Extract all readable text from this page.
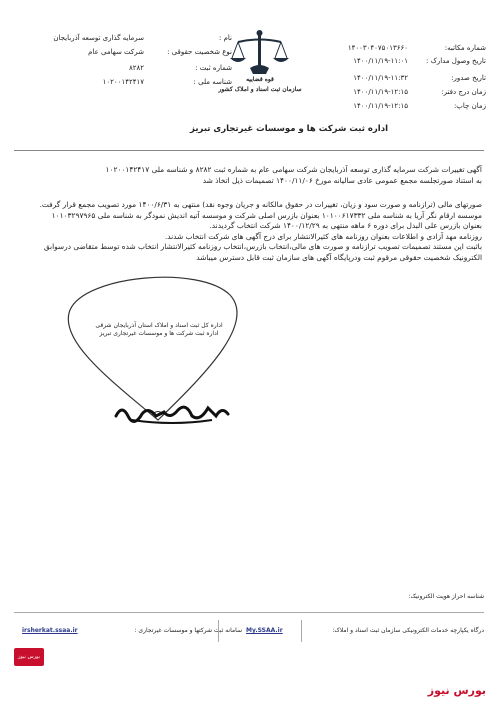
شماره مکاتبه:
تاریخ وصول مدارک :
تاریخ صدور:
زمان درج دفتر:
زمان چاپ:
۱۴۰۰۳۰۴۰۷۵۰۱۳۶۶۰
۱۴۰۰/۱۱/۱۹-۱۱:۰۱
۱۴۰۰/۱۱/۱۹-۱۱:۳۲
۱۴۰۰/۱۱/۱۹-۱۲:۱۵
۱۴۰۰/۱۱/۱۹-۱۲:۱۵
قوه قضاییه
سازمان ثبت اسناد و املاک کشور
نام :
نوع شخصیت حقوقی :
شماره ثبت :
شناسه ملی :
سرمایه گذاری توسعه آذربایجان
شرکت سهامی عام
۸۲۸۲
۱۰۲۰۰۱۴۲۴۱۷
اداره ثبت شرکت ها و موسسات غیرتجاری تبریز
آگهی تغییرات شرکت سرمایه گذاری توسعه آذربایجان شرکت سهامی عام به شماره ثبت ۸۲۸۲ و شناسه ملی ۱۰۲۰۰۱۴۲۴۱۷
به استناد صورتجلسه مجمع عمومی عادی سالیانه مورخ ۱۴۰۰/۱۱/۰۶ تصمیمات ذیل اتخاذ شد
صورتهای مالی (ترازنامه و صورت سود و زیان، تغییرات در حقوق مالکانه و جریان وجوه نقد) منتهی به ۱۴۰۰/۶/۳۱ مورد تصویب مجمع قرار گرفت.
موسسه ارقام نگر آریا به شناسه ملی ۱۰۱۰۰۶۱۷۳۳۲ بعنوان بازرس اصلی شرکت و موسسه آتیه اندیش نمودگر به شناسه ملی ۱۰۱۰۳۲۹۷۹۶۵
بعنوان بازرس علی البدل برای دوره ۶ ماهه منتهی به ۱۴۰۰/۱۲/۲۹ شرکت انتخاب گردیدند.
روزنامه مهد آزادی و اطلاعات بعنوان روزنامه های کثیرالانتشار برای درج آگهی های شرکت انتخاب شدند.
باثبت این مستند تصمیمات تصویب ترازنامه و صورت های مالی،انتخاب بازرس،انتخاب روزنامه کثیرالانتشار انتخاب شده توسط متقاضی درسوابق
الکترونیک شخصیت حقوقی مرقوم ثبت ودرپایگاه آگهی های سازمان ثبت قابل دسترس میباشد
اداره کل ثبت اسناد و املاک استان آذربایجان شرقی
اداره ثبت شرکت ها و موسسات غیرتجاری تبریز
شناسه احراز هویت الکترونیک:
درگاه یکپارچه خدمات الکترونیکی سازمان ثبت اسناد و املاک:
My.SSAA.ir
سامانه ثبت شرکتها و موسسات غیرتجاری :
irsherkat.ssaa.ir
بورس نیوز
بورس نیوز
